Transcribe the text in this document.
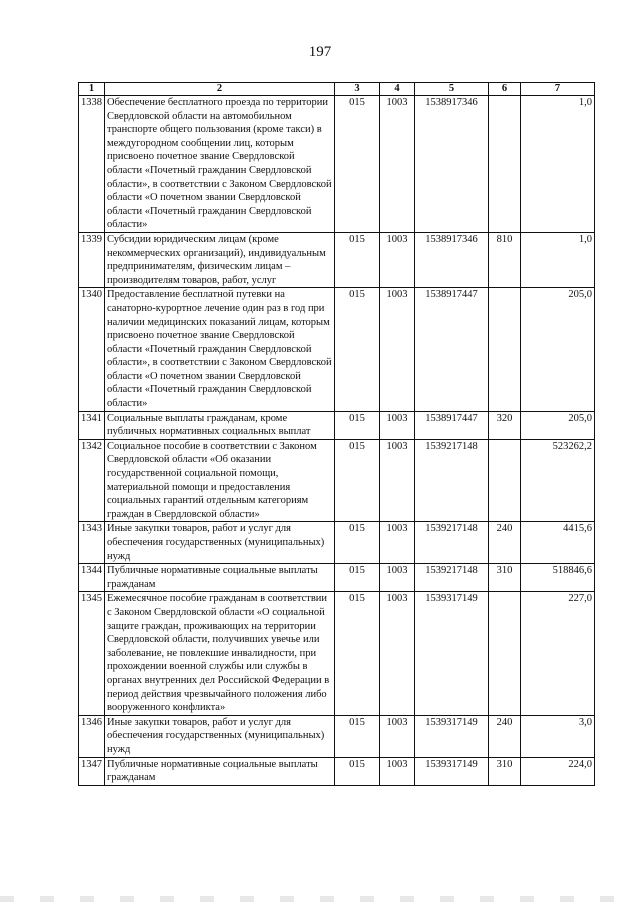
197
1	2	3	4	5	6	7
1338	Обеспечение бесплатного проезда по территории Свердловской области на автомобильном транспорте общего пользования (кроме такси) в междугородном сообщении лиц, которым присвоено почетное звание Свердловской области «Почетный гражданин Свердловской области», в соответствии с Законом Свердловской области «О почетном звании Свердловской области «Почетный гражданин Свердловской области»	015	1003	1538917346		1,0
1339	Субсидии юридическим лицам (кроме некоммерческих организаций), индивидуальным предпринимателям, физическим лицам – производителям товаров, работ, услуг	015	1003	1538917346	810	1,0
1340	Предоставление бесплатной путевки на санаторно-курортное лечение один раз в год при наличии медицинских показаний лицам, которым присвоено почетное звание Свердловской области «Почетный гражданин Свердловской области», в соответствии с Законом Свердловской области «О почетном звании Свердловской области «Почетный гражданин Свердловской области»	015	1003	1538917447		205,0
1341	Социальные выплаты гражданам, кроме публичных нормативных социальных выплат	015	1003	1538917447	320	205,0
1342	Социальное пособие в соответствии с Законом Свердловской области «Об оказании государственной социальной помощи, материальной помощи и предоставления социальных гарантий отдельным категориям граждан в Свердловской области»	015	1003	1539217148		523262,2
1343	Иные закупки товаров, работ и услуг для обеспечения государственных (муниципальных) нужд	015	1003	1539217148	240	4415,6
1344	Публичные нормативные социальные выплаты гражданам	015	1003	1539217148	310	518846,6
1345	Ежемесячное пособие гражданам в соответствии с Законом Свердловской области «О социальной защите граждан, проживающих на территории Свердловской области, получивших увечье или заболевание, не повлекшие инвалидности, при прохождении военной службы или службы в органах внутренних дел Российской Федерации в период действия чрезвычайного положения либо вооруженного конфликта»	015	1003	1539317149		227,0
1346	Иные закупки товаров, работ и услуг для обеспечения государственных (муниципальных) нужд	015	1003	1539317149	240	3,0
1347	Публичные нормативные социальные выплаты гражданам	015	1003	1539317149	310	224,0
